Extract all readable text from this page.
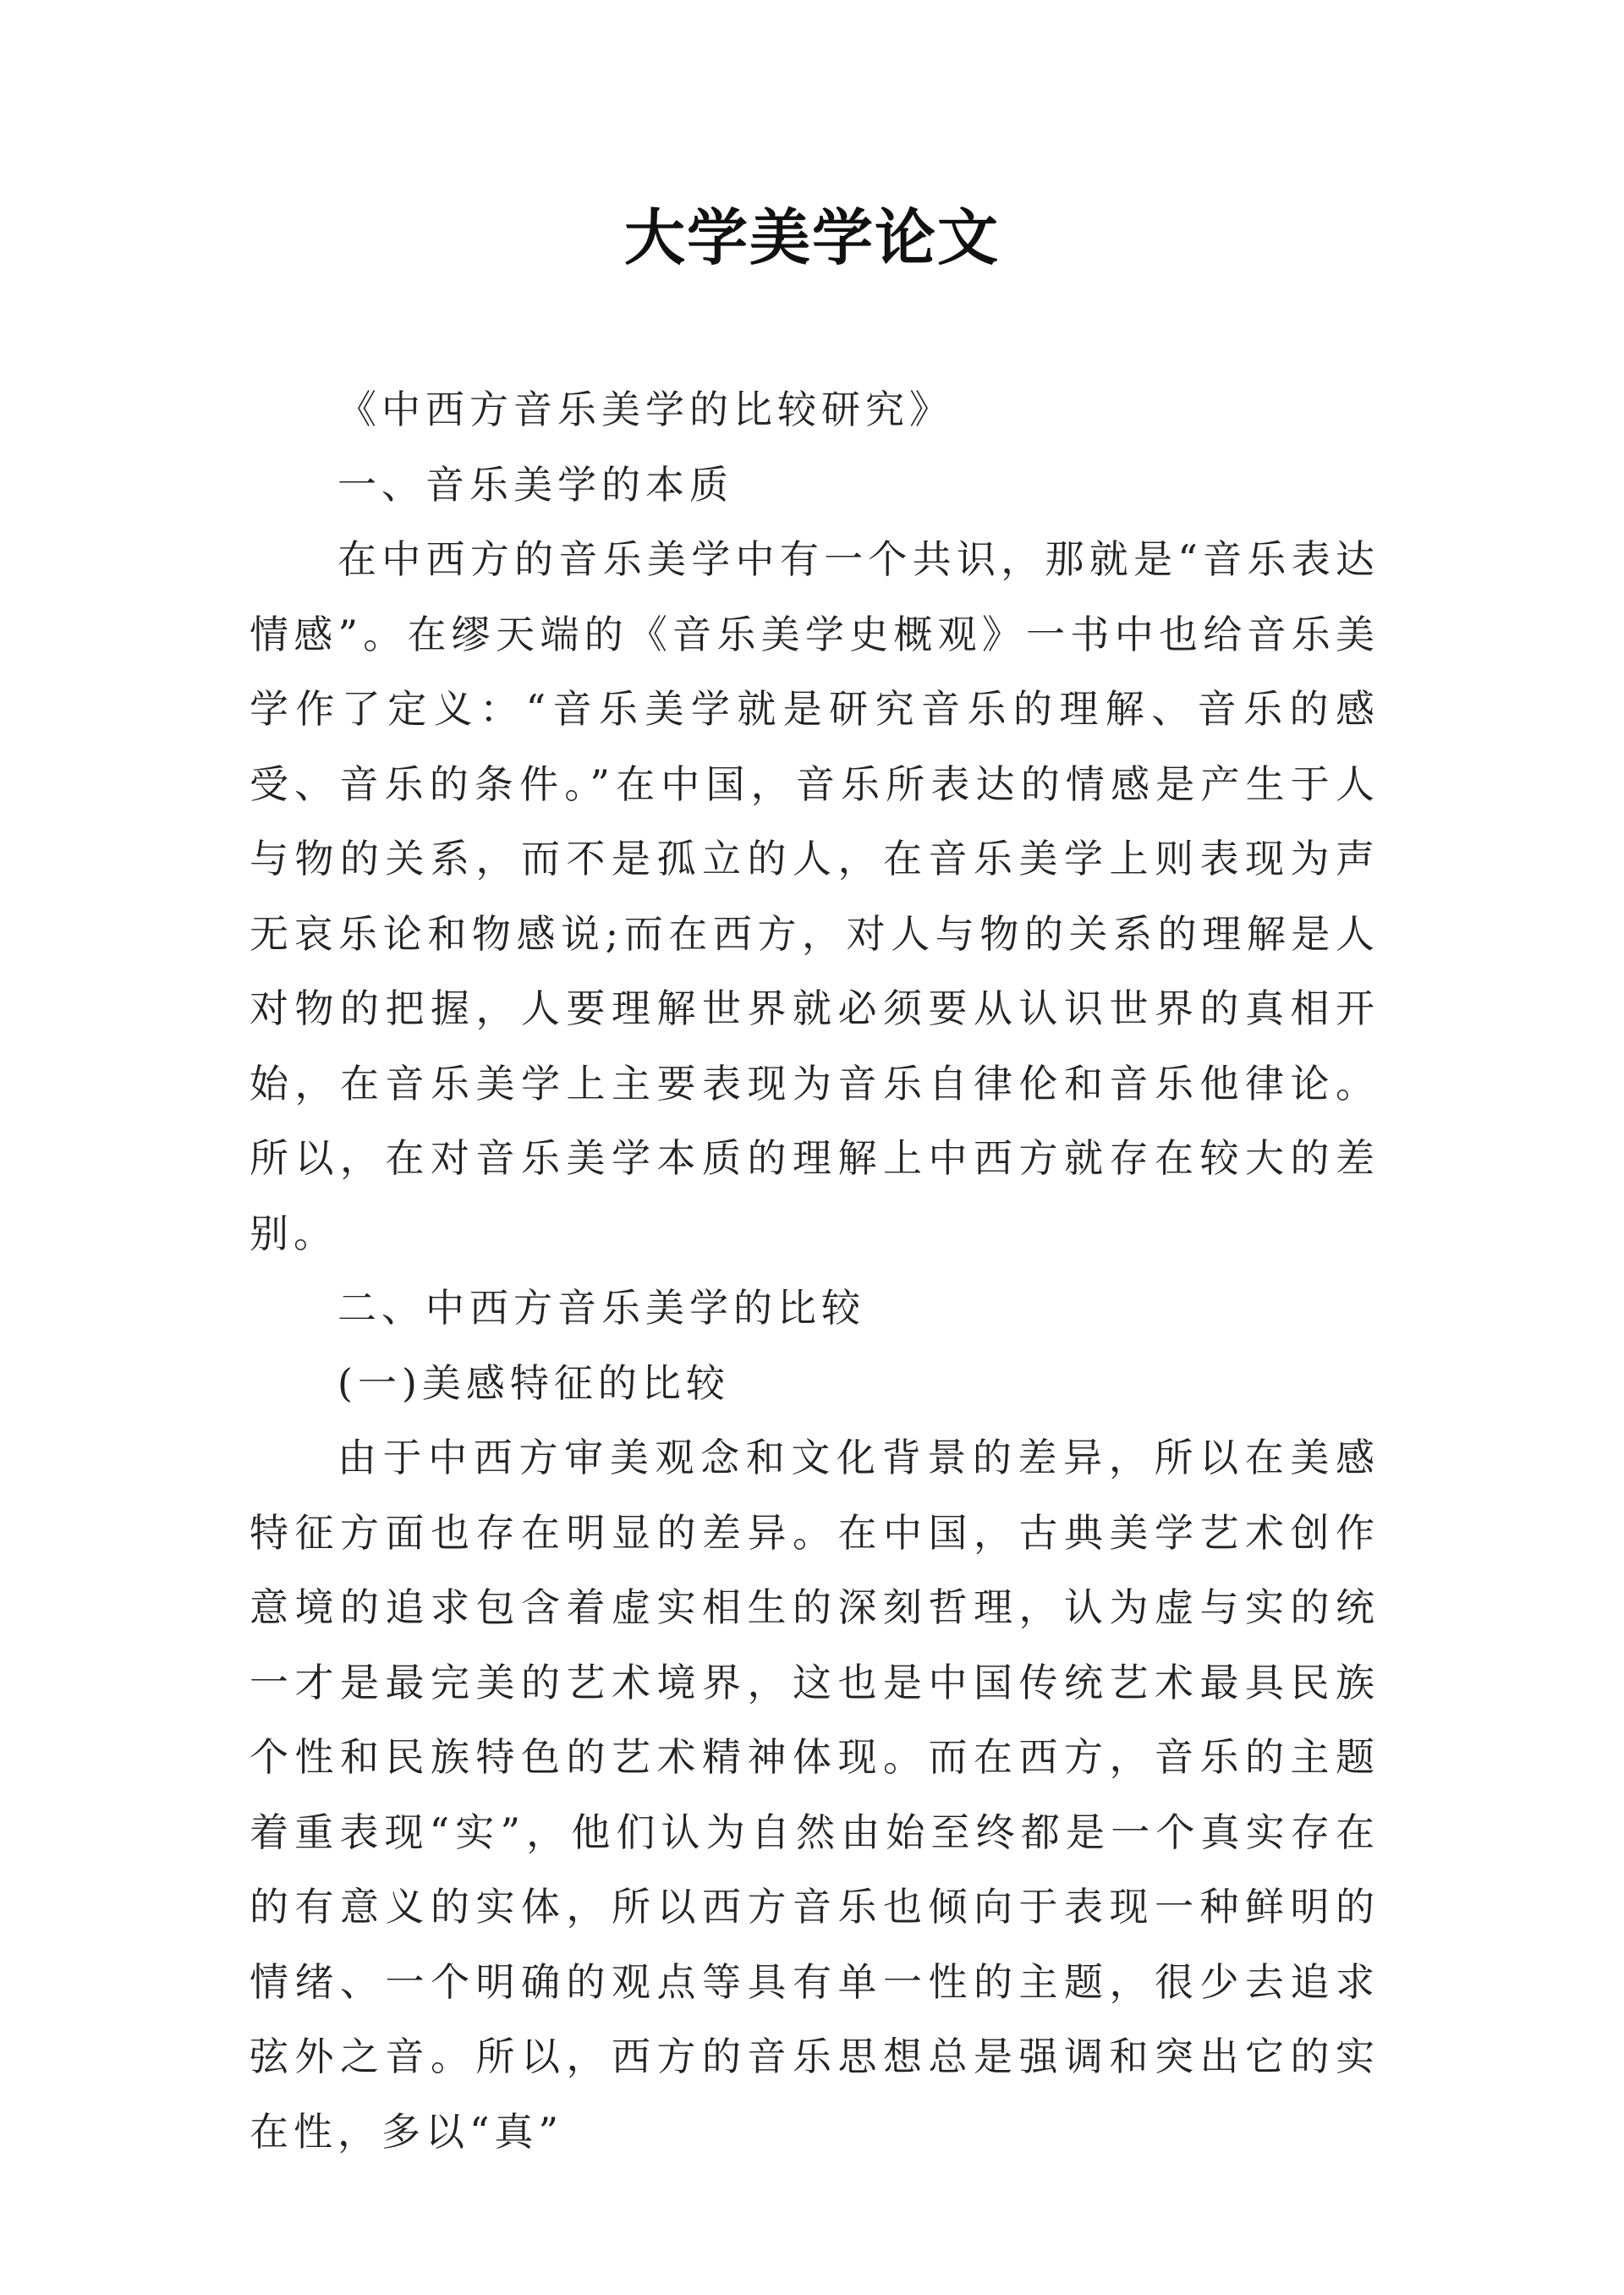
大学美学论文

《中西方音乐美学的比较研究》

一、音乐美学的本质

在中西方的音乐美学中有一个共识，那就是“音乐表达情感”。在缪天端的《音乐美学史概观》一书中也给音乐美学作了定义：“音乐美学就是研究音乐的理解、音乐的感受、音乐的条件。”在中国，音乐所表达的情感是产生于人与物的关系，而不是孤立的人，在音乐美学上则表现为声无哀乐论和物感说;而在西方，对人与物的关系的理解是人对物的把握，人要理解世界就必须要从认识世界的真相开始，在音乐美学上主要表现为音乐自律伦和音乐他律论。所以，在对音乐美学本质的理解上中西方就存在较大的差别。

二、中西方音乐美学的比较

(一)美感特征的比较

由于中西方审美观念和文化背景的差异，所以在美感特征方面也存在明显的差异。在中国，古典美学艺术创作意境的追求包含着虚实相生的深刻哲理，认为虚与实的统一才是最完美的艺术境界，这也是中国传统艺术最具民族个性和民族特色的艺术精神体现。而在西方，音乐的主题着重表现“实”，他们认为自然由始至终都是一个真实存在的有意义的实体，所以西方音乐也倾向于表现一种鲜明的情绪、一个明确的观点等具有单一性的主题，很少去追求弦外之音。所以，西方的音乐思想总是强调和突出它的实在性，多以“真”
